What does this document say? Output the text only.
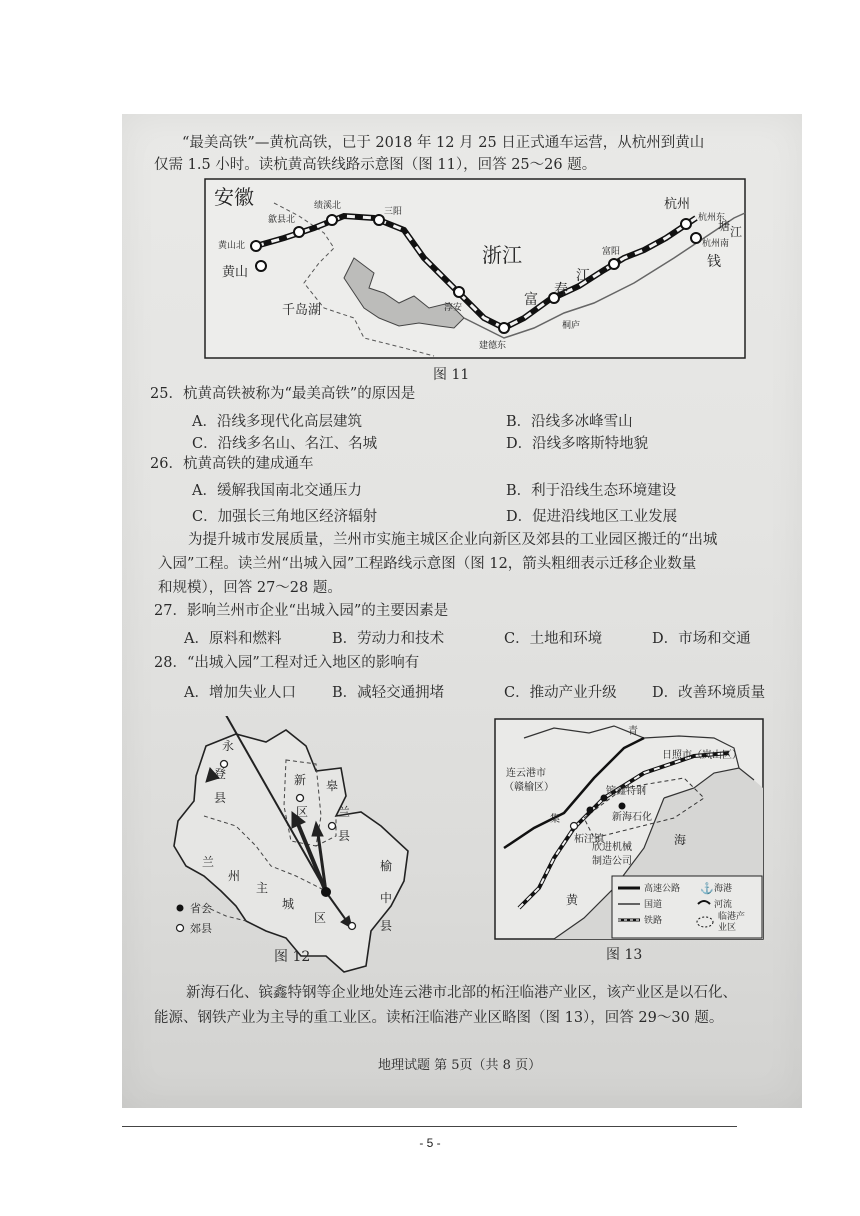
“最美高铁”—黄杭高铁，已于 2018 年 12 月 25 日正式通车运营，从杭州到黄山
仅需 1.5 小时。读杭黄高铁线路示意图（图 11），回答 25～26 题。
安徽
浙江
杭州
黄山
千岛湖
黄山北
歙县北
绩溪北
三阳
淳安
建德东
桐庐
富阳
杭州东
杭州南
富
江
春
钱
塘 江
图 11
25．杭黄高铁被称为“最美高铁”的原因是
A．沿线多现代化高层建筑	B．沿线多冰峰雪山
C．沿线多名山、名江、名城	D．沿线多喀斯特地貌
26．杭黄高铁的建成通车
A．缓解我国南北交通压力	B．利于沿线生态环境建设
C．加强长三角地区经济辐射	D．促进沿线地区工业发展
为提升城市发展质量，兰州市实施主城区企业向新区及郊县的工业园区搬迁的“出城
入园”工程。读兰州“出城入园”工程路线示意图（图 12，箭头粗细表示迁移企业数量
和规模），回答 27～28 题。
27．影响兰州市企业“出城入园”的主要因素是
A．原料和燃料	B．劳动力和技术	C．土地和环境	D．市场和交通
28．“出城入园”工程对迁入地区的影响有
A．增加失业人口 B．减轻交通拥堵	C．推动产业升级 D．改善环境质量
永
登
县
新
区
皋
兰
县
兰
州
主
城
区
榆
中
县
省会
郊县
图 12
青
日照市（岚山区）
连云港市
（赣榆区）	镔鑫特钢
新海石化
柘汪镇
集
欣进机械
制造公司
海
黄
高速公路
国道
铁路
海港
河流
临港产
业区
⚓
图 13
新海石化、镔鑫特钢等企业地处连云港市北部的柘汪临港产业区，该产业区是以石化、
能源、钢铁产业为主导的重工业区。读柘汪临港产业区略图（图 13），回答 29～30 题。
地理试题 第 5页（共 8 页）
- 5 -
